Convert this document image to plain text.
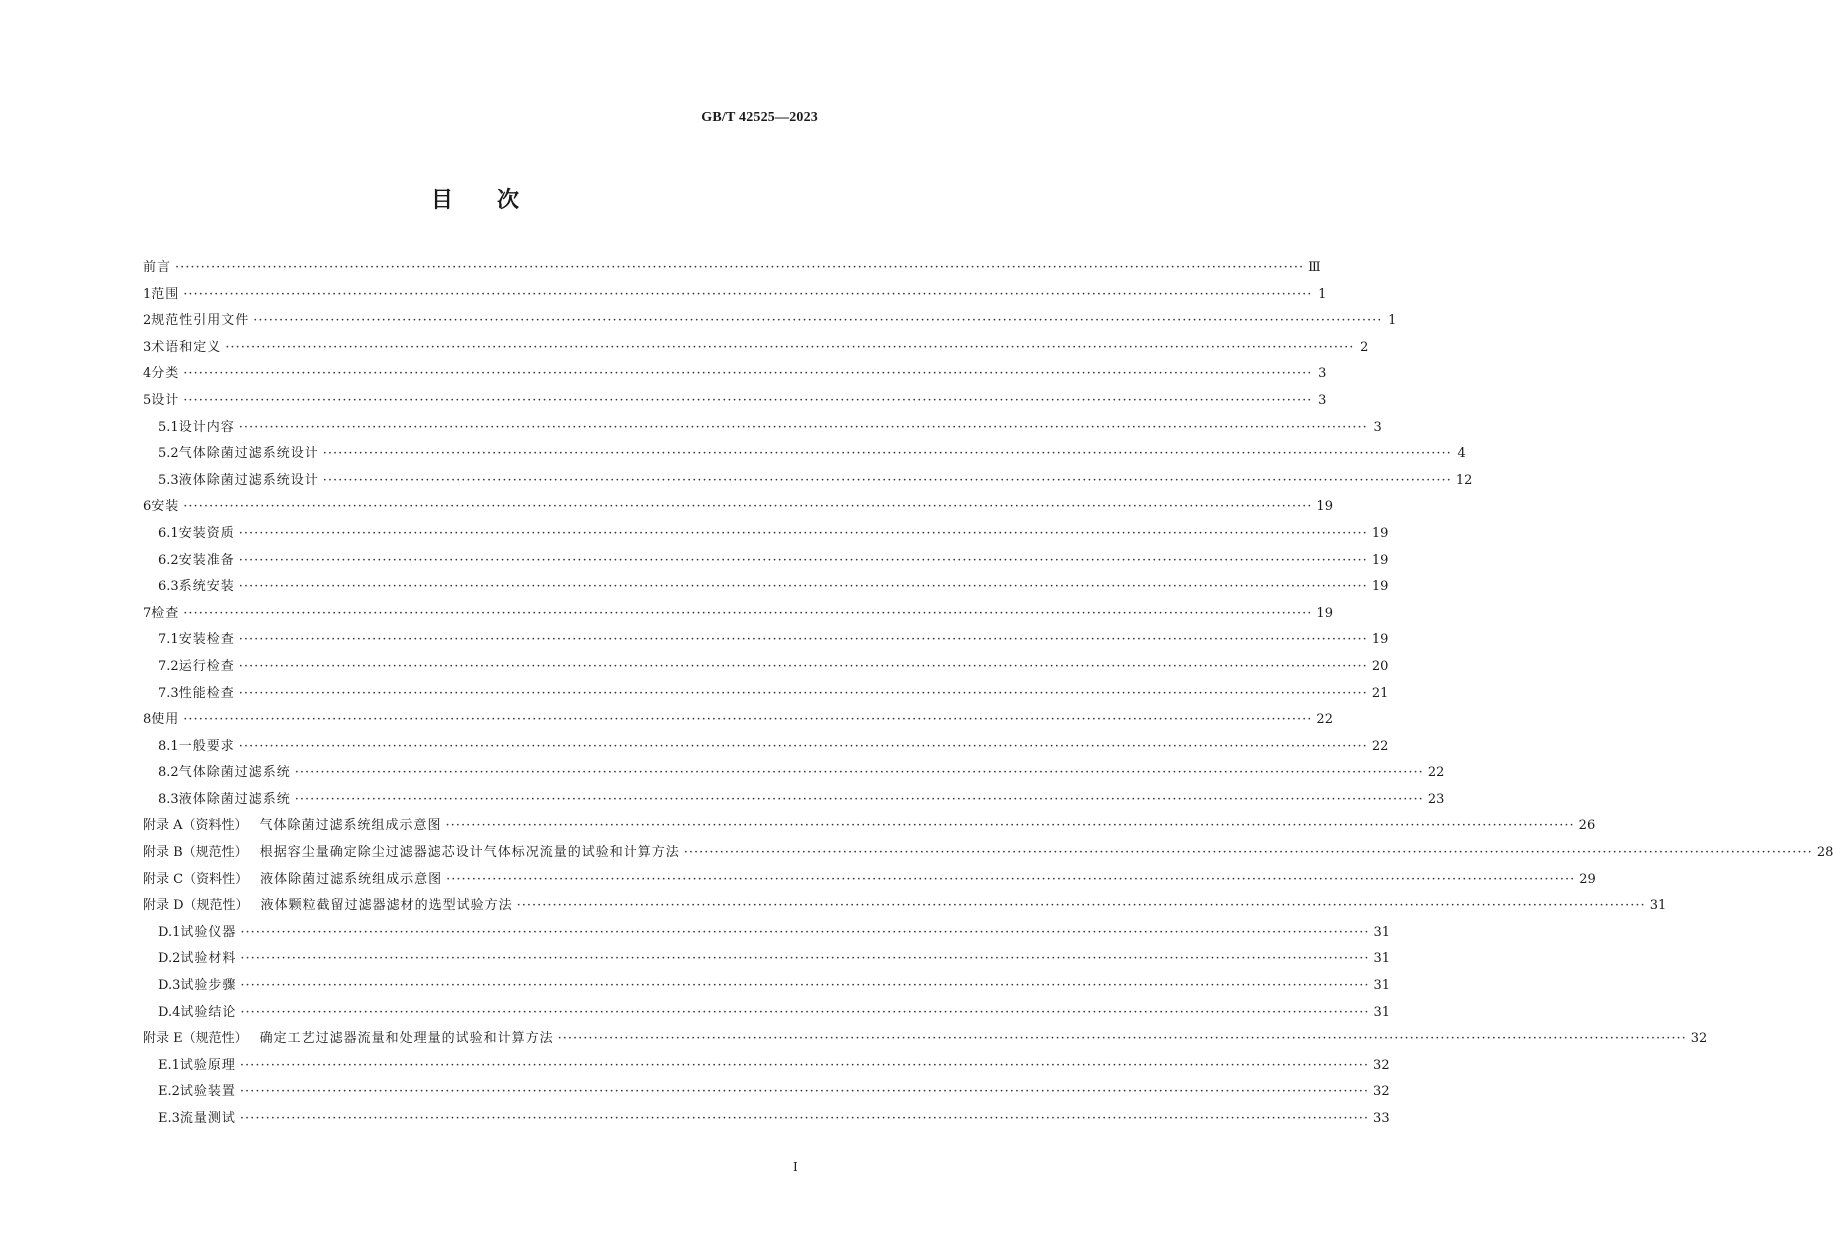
GB/T 42525—2023
目 次
前言 ···························································································································································································································· Ⅲ
1 范围 ···························································································································································································································· 1
2 规范性引用文件 ···························································································································································································································· 1
3 术语和定义 ···························································································································································································································· 2
4 分类 ···························································································································································································································· 3
5 设计 ···························································································································································································································· 3
5.1 设计内容 ···························································································································································································································· 3
5.2 气体除菌过滤系统设计 ···························································································································································································································· 4
5.3 液体除菌过滤系统设计 ···························································································································································································································· 12
6 安装 ···························································································································································································································· 19
6.1 安装资质 ···························································································································································································································· 19
6.2 安装准备 ···························································································································································································································· 19
6.3 系统安装 ···························································································································································································································· 19
7 检查 ···························································································································································································································· 19
7.1 安装检查 ···························································································································································································································· 19
7.2 运行检查 ···························································································································································································································· 20
7.3 性能检查 ···························································································································································································································· 21
8 使用 ···························································································································································································································· 22
8.1 一般要求 ···························································································································································································································· 22
8.2 气体除菌过滤系统 ···························································································································································································································· 22
8.3 液体除菌过滤系统 ···························································································································································································································· 23
附录 A（资料性） 气体除菌过滤系统组成示意图 ···························································································································································································································· 26
附录 B（规范性） 根据容尘量确定除尘过滤器滤芯设计气体标况流量的试验和计算方法 ···························································································································································································································· 28
附录 C（资料性） 液体除菌过滤系统组成示意图 ···························································································································································································································· 29
附录 D（规范性） 液体颗粒截留过滤器滤材的选型试验方法 ···························································································································································································································· 31
D.1 试验仪器 ···························································································································································································································· 31
D.2 试验材料 ···························································································································································································································· 31
D.3 试验步骤 ···························································································································································································································· 31
D.4 试验结论 ···························································································································································································································· 31
附录 E（规范性） 确定工艺过滤器流量和处理量的试验和计算方法 ···························································································································································································································· 32
E.1 试验原理 ···························································································································································································································· 32
E.2 试验装置 ···························································································································································································································· 32
E.3 流量测试 ···························································································································································································································· 33
I
